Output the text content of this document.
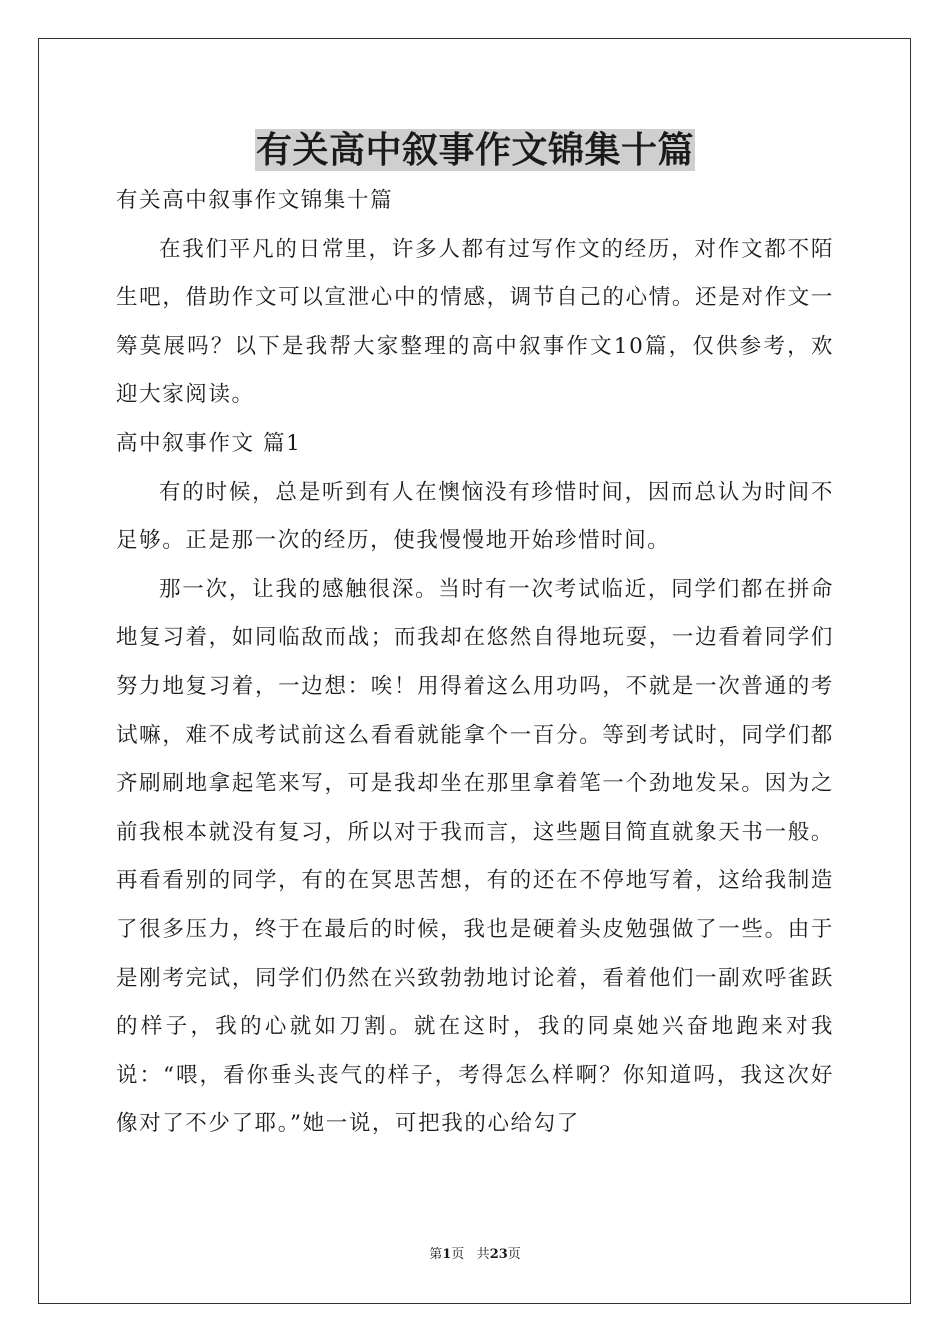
有关高中叙事作文锦集十篇

有关高中叙事作文锦集十篇

在我们平凡的日常里，许多人都有过写作文的经历，对作文都不陌生吧，借助作文可以宣泄心中的情感，调节自己的心情。还是对作文一筹莫展吗？以下是我帮大家整理的高中叙事作文10篇，仅供参考，欢迎大家阅读。

高中叙事作文 篇1

有的时候，总是听到有人在懊恼没有珍惜时间，因而总认为时间不足够。正是那一次的经历，使我慢慢地开始珍惜时间。

那一次，让我的感触很深。当时有一次考试临近，同学们都在拼命地复习着，如同临敌而战；而我却在悠然自得地玩耍，一边看着同学们努力地复习着，一边想：唉！用得着这么用功吗，不就是一次普通的考试嘛，难不成考试前这么看看就能拿个一百分。等到考试时，同学们都齐刷刷地拿起笔来写，可是我却坐在那里拿着笔一个劲地发呆。因为之前我根本就没有复习，所以对于我而言，这些题目简直就象天书一般。再看看别的同学，有的在冥思苦想，有的还在不停地写着，这给我制造了很多压力，终于在最后的时候，我也是硬着头皮勉强做了一些。由于是刚考完试，同学们仍然在兴致勃勃地讨论着，看着他们一副欢呼雀跃的样子，我的心就如刀割。就在这时，我的同桌她兴奋地跑来对我说：“喂，看你垂头丧气的样子，考得怎么样啊？你知道吗，我这次好像对了不少了耶。”她一说，可把我的心给勾了

第1页 共23页
